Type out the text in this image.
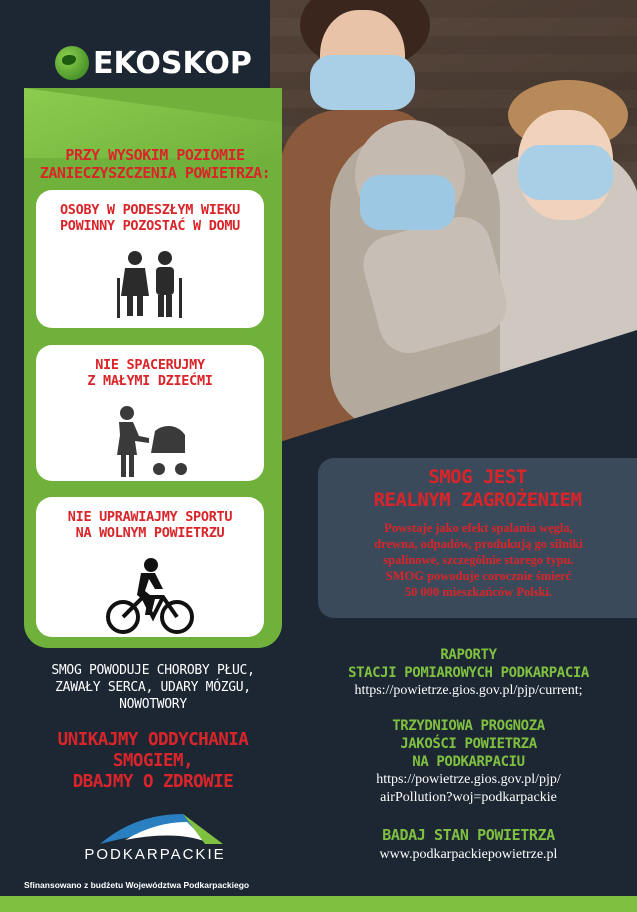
EKOSKOP
PRZY WYSOKIM POZIOMIE
ZANIECZYSZCZENIA POWIETRZA:
OSOBY W PODESZŁYM WIEKU
POWINNY POZOSTAĆ W DOMU
NIE SPACERUJMY
Z MAŁYMI DZIEĆMI
NIE UPRAWIAJMY SPORTU
NA WOLNYM POWIETRZU
SMOG POWODUJE CHOROBY PŁUC,
ZAWAŁY SERCA, UDARY MÓZGU,
NOWOTWORY
UNIKAJMY ODDYCHANIA
SMOGIEM,
DBAJMY O ZDROWIE
PODKARPACKIE
Sfinansowano z budżetu Województwa Podkarpackiego
SMOG JEST
REALNYM ZAGROŻENIEM
Powstaje jako efekt spalania węgla,
drewna, odpadów, produkują go silniki
spalinowe, szczególnie starego typu.
SMOG powoduje corocznie śmierć
50 000 mieszkańców Polski.
RAPORTY
STACJI POMIAROWYCH PODKARPACIA
https://powietrze.gios.gov.pl/pjp/current;
TRZYDNIOWA PROGNOZA
JAKOŚCI POWIETRZA
NA PODKARPACIU
https://powietrze.gios.gov.pl/pjp/
airPollution?woj=podkarpackie
BADAJ STAN POWIETRZA
www.podkarpackiepowietrze.pl
